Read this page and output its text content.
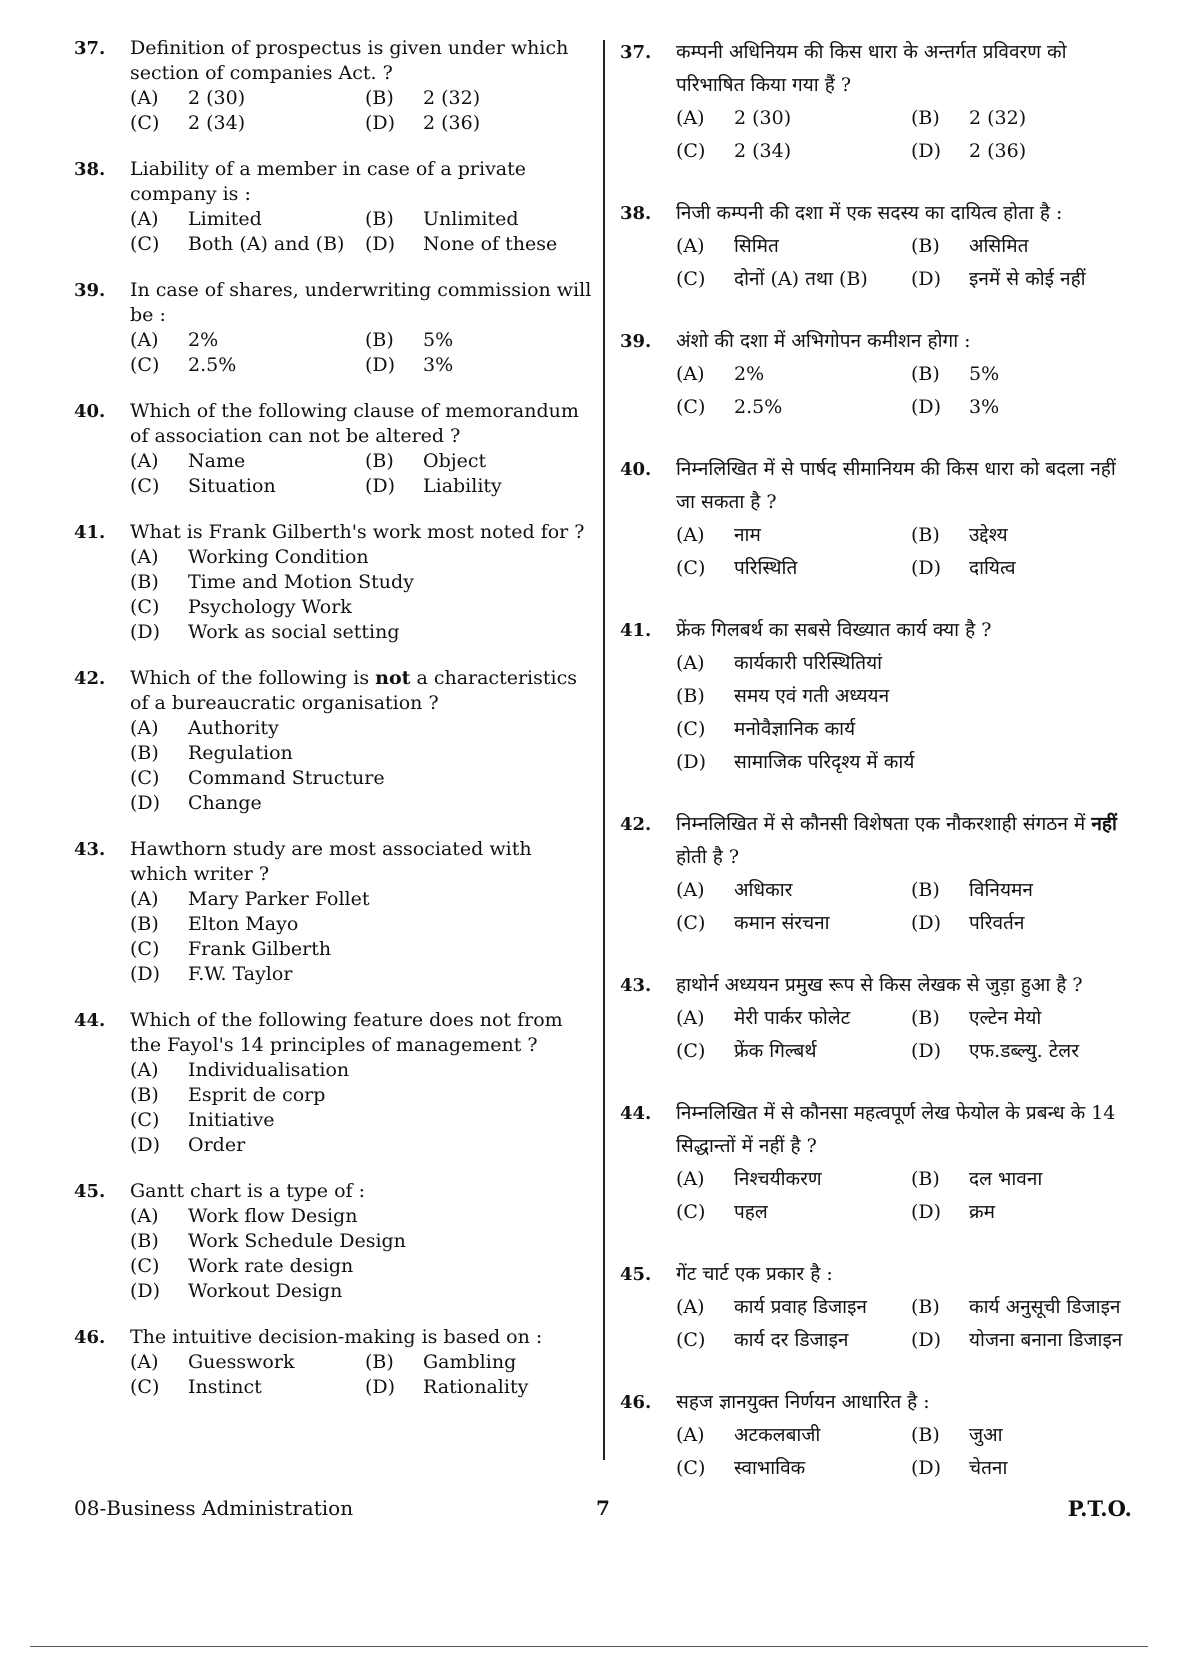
37.	Definition of prospectus is given under which section of companies Act. ?
(A)	2 (30)	(B)	2 (32)
(C)	2 (34)	(D)	2 (36)
38.	Liability of a member in case of a private company is :
(A)	Limited	(B)	Unlimited
(C)	Both (A) and (B) (D)	None of these
39.	In case of shares, underwriting commission will be :
(A)	2%	(B)	5%
(C)	2.5%	(D)	3%
40.	Which of the following clause of memorandum of association can not be altered ?
(A)	Name	(B)	Object
(C)	Situation	(D)	Liability
41.	What is Frank Gilberth's work most noted for ?
(A)	Working Condition
(B)	Time and Motion Study
(C)	Psychology Work
(D)	Work as social setting
42.	Which of the following is not a characteristics of a bureaucratic organisation ?
(A)	Authority
(B)	Regulation
(C)	Command Structure
(D)	Change
43.	Hawthorn study are most associated with which writer ?
(A)	Mary Parker Follet
(B)	Elton Mayo
(C)	Frank Gilberth
(D)	F.W. Taylor
44.	Which of the following feature does not from the Fayol's 14 principles of management ?
(A)	Individualisation
(B)	Esprit de corp
(C)	Initiative
(D)	Order
45.	Gantt chart is a type of :
(A)	Work flow Design
(B)	Work Schedule Design
(C)	Work rate design
(D)	Workout Design
46.	The intuitive decision-making is based on :
(A)	Guesswork	(B)	Gambling
(C)	Instinct	(D)	Rationality
37.	कम्पनी अधिनियम की किस धारा के अन्तर्गत प्रविवरण को परिभाषित किया गया हैं ?
(A)	2 (30)	(B)	2 (32)
(C)	2 (34)	(D)	2 (36)
38.	निजी कम्पनी की दशा में एक सदस्य का दायित्व होता है :
(A)	सिमित	(B)	असिमित
(C)	दोनों (A) तथा (B) (D)	इनमें से कोई नहीं
39.	अंशो की दशा में अभिगोपन कमीशन होगा :
(A)	2%	(B)	5%
(C)	2.5%	(D)	3%
40.	निम्नलिखित में से पार्षद सीमानियम की किस धारा को बदला नहीं जा सकता है ?
(A)	नाम	(B)	उद्देश्य
(C)	परिस्थिति	(D)	दायित्व
41.	फ्रेंक गिलबर्थ का सबसे विख्यात कार्य क्या है ?
(A)	कार्यकारी परिस्थितियां
(B)	समय एवं गती अध्ययन
(C)	मनोवैज्ञानिक कार्य
(D)	सामाजिक परिदृश्य में कार्य
42.	निम्नलिखित में से कौनसी विशेषता एक नौकरशाही संगठन में नहीं होती है ?
(A)	अधिकार	(B)	विनियमन
(C)	कमान संरचना	(D)	परिवर्तन
43.	हाथोर्न अध्ययन प्रमुख रूप से किस लेखक से जुड़ा हुआ है ?
(A)	मेरी पार्कर फोलेट	(B)	एल्टेन मेयो
(C)	फ्रेंक गिल्बर्थ	(D)	एफ.डब्ल्यु. टेलर
44.	निम्नलिखित में से कौनसा महत्वपूर्ण लेख फेयोल के प्रबन्ध के 14 सिद्धान्तों में नहीं है ?
(A)	निश्चयीकरण	(B)	दल भावना
(C)	पहल	(D)	क्रम
45.	गेंट चार्ट एक प्रकार है :
(A)	कार्य प्रवाह डिजाइन (B)	कार्य अनुसूची डिजाइन
(C)	कार्य दर डिजाइन	(D)	योजना बनाना डिजाइन
46.	सहज ज्ञानयुक्त निर्णयन आधारित है :
(A)	अटकलबाजी	(B)	जुआ
(C)	स्वाभाविक	(D)	चेतना
08-Business Administration	7	P.T.O.
